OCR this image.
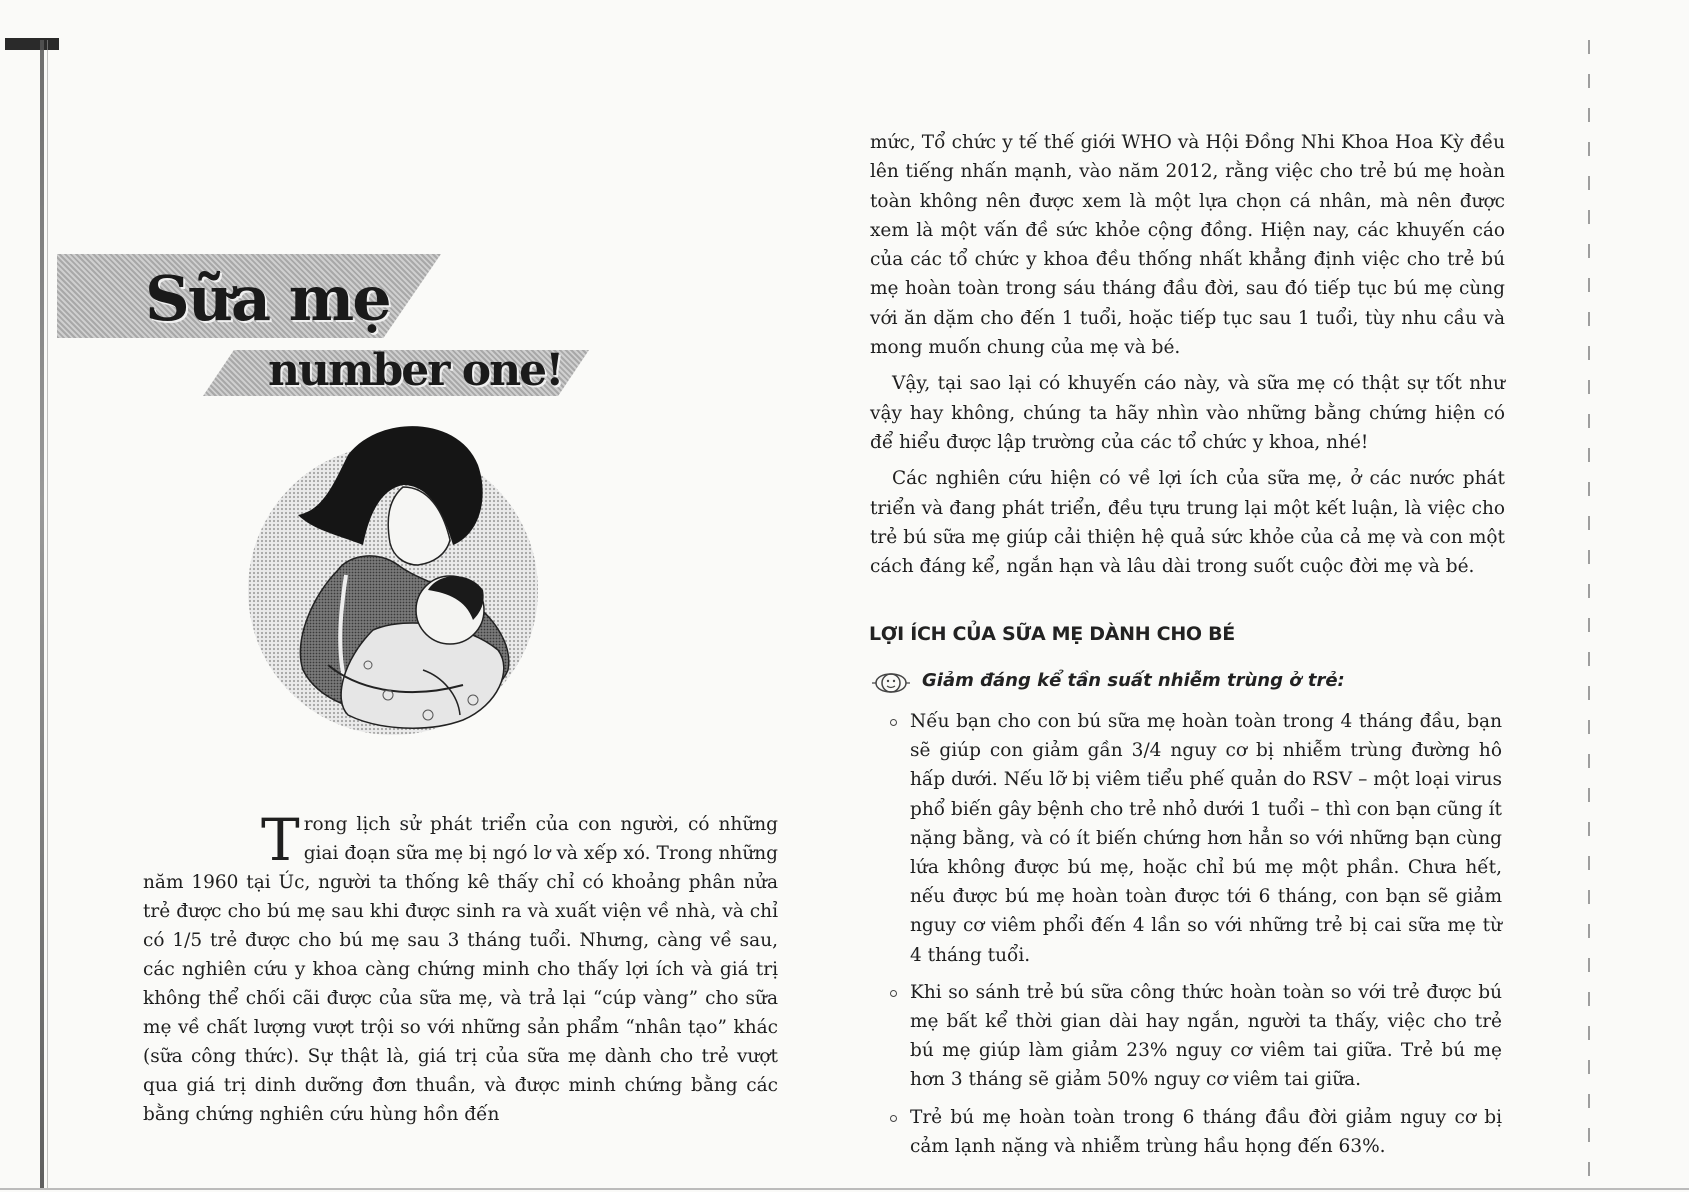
Sữa mẹ
number one!

Trong lịch sử phát triển của con người, có những giai đoạn sữa mẹ bị ngó lơ và xếp xó. Trong những năm 1960 tại Úc, người ta thống kê thấy chỉ có khoảng phân nửa trẻ được cho bú mẹ sau khi được sinh ra và xuất viện về nhà, và chỉ có 1/5 trẻ được cho bú mẹ sau 3 tháng tuổi. Nhưng, càng về sau, các nghiên cứu y khoa càng chứng minh cho thấy lợi ích và giá trị không thể chối cãi được của sữa mẹ, và trả lại “cúp vàng” cho sữa mẹ về chất lượng vượt trội so với những sản phẩm “nhân tạo” khác (sữa công thức). Sự thật là, giá trị của sữa mẹ dành cho trẻ vượt qua giá trị dinh dưỡng đơn thuần, và được minh chứng bằng các bằng chứng nghiên cứu hùng hồn đến

mức, Tổ chức y tế thế giới WHO và Hội Đồng Nhi Khoa Hoa Kỳ đều lên tiếng nhấn mạnh, vào năm 2012, rằng việc cho trẻ bú mẹ hoàn toàn không nên được xem là một lựa chọn cá nhân, mà nên được xem là một vấn đề sức khỏe cộng đồng. Hiện nay, các khuyến cáo của các tổ chức y khoa đều thống nhất khẳng định việc cho trẻ bú mẹ hoàn toàn trong sáu tháng đầu đời, sau đó tiếp tục bú mẹ cùng với ăn dặm cho đến 1 tuổi, hoặc tiếp tục sau 1 tuổi, tùy nhu cầu và mong muốn chung của mẹ và bé.

Vậy, tại sao lại có khuyến cáo này, và sữa mẹ có thật sự tốt như vậy hay không, chúng ta hãy nhìn vào những bằng chứng hiện có để hiểu được lập trường của các tổ chức y khoa, nhé!

Các nghiên cứu hiện có về lợi ích của sữa mẹ, ở các nước phát triển và đang phát triển, đều tựu trung lại một kết luận, là việc cho trẻ bú sữa mẹ giúp cải thiện hệ quả sức khỏe của cả mẹ và con một cách đáng kể, ngắn hạn và lâu dài trong suốt cuộc đời mẹ và bé.

LỢI ÍCH CỦA SỮA MẸ DÀNH CHO BÉ
Giảm đáng kể tần suất nhiễm trùng ở trẻ:
Nếu bạn cho con bú sữa mẹ hoàn toàn trong 4 tháng đầu, bạn sẽ giúp con giảm gần 3/4 nguy cơ bị nhiễm trùng đường hô hấp dưới. Nếu lỡ bị viêm tiểu phế quản do RSV – một loại virus phổ biến gây bệnh cho trẻ nhỏ dưới 1 tuổi – thì con bạn cũng ít nặng bằng, và có ít biến chứng hơn hẳn so với những bạn cùng lứa không được bú mẹ, hoặc chỉ bú mẹ một phần. Chưa hết, nếu được bú mẹ hoàn toàn được tới 6 tháng, con bạn sẽ giảm nguy cơ viêm phổi đến 4 lần so với những trẻ bị cai sữa mẹ từ 4 tháng tuổi.
Khi so sánh trẻ bú sữa công thức hoàn toàn so với trẻ được bú mẹ bất kể thời gian dài hay ngắn, người ta thấy, việc cho trẻ bú mẹ giúp làm giảm 23% nguy cơ viêm tai giữa. Trẻ bú mẹ hơn 3 tháng sẽ giảm 50% nguy cơ viêm tai giữa.
Trẻ bú mẹ hoàn toàn trong 6 tháng đầu đời giảm nguy cơ bị cảm lạnh nặng và nhiễm trùng hầu họng đến 63%.
